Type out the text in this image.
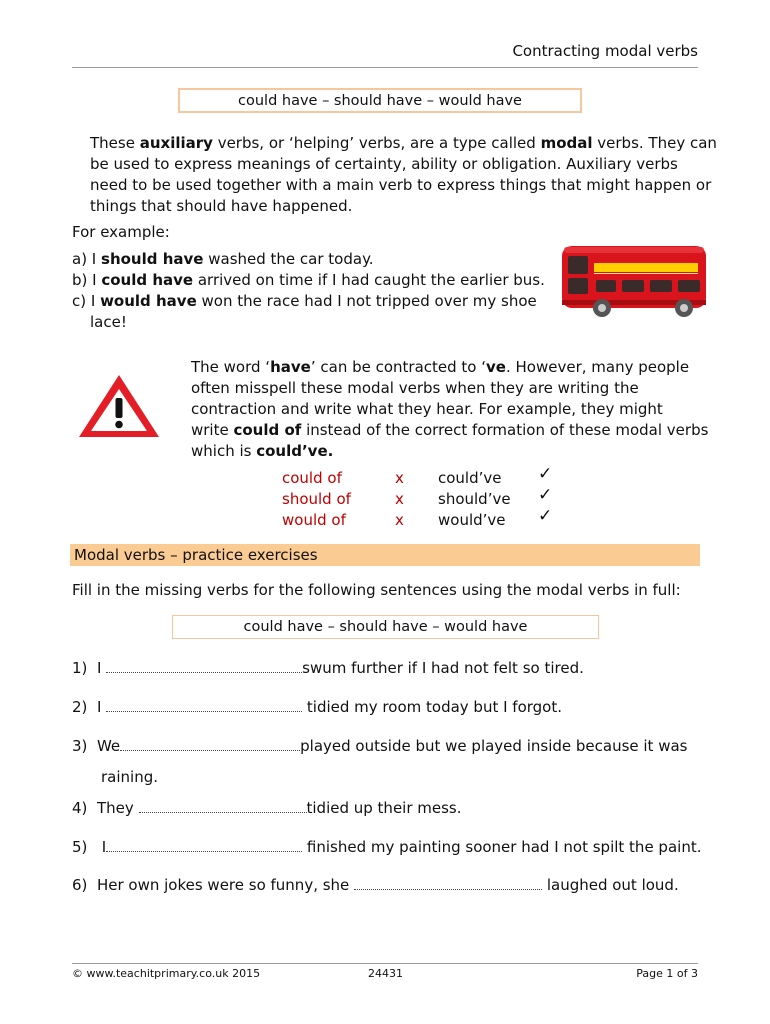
Contracting modal verbs
could have – should have – would have
These auxiliary verbs, or ‘helping’ verbs, are a type called modal verbs. They can
be used to express meanings of certainty, ability or obligation. Auxiliary verbs
need to be used together with a main verb to express things that might happen or
things that should have happened.
For example:
a) I should have washed the car today.
b) I could have arrived on time if I had caught the earlier bus.
c) I would have won the race had I not tripped over my shoe
lace!
The word ‘have’ can be contracted to ‘ve. However, many people
often misspell these modal verbs when they are writing the
contraction and write what they hear. For example, they might
write could of instead of the correct formation of these modal verbs
which is could’ve.
could of	x could’ve ✓
should of	x should’ve ✓
would of	x would’ve ✓
Modal verbs – practice exercises
Fill in the missing verbs for the following sentences using the modal verbs in full:
could have – should have – would have
1) I	swum further if I had not felt so tired.
2) I	tidied my room today but I forgot.
3) We	played outside but we played inside because it was
raining.
4) They	tidied up their mess.
5)   I	finished my painting sooner had I not spilt the paint.
6) Her own jokes were so funny, she	laughed out loud.
© www.teachitprimary.co.uk 2015	24431	Page 1 of 3
